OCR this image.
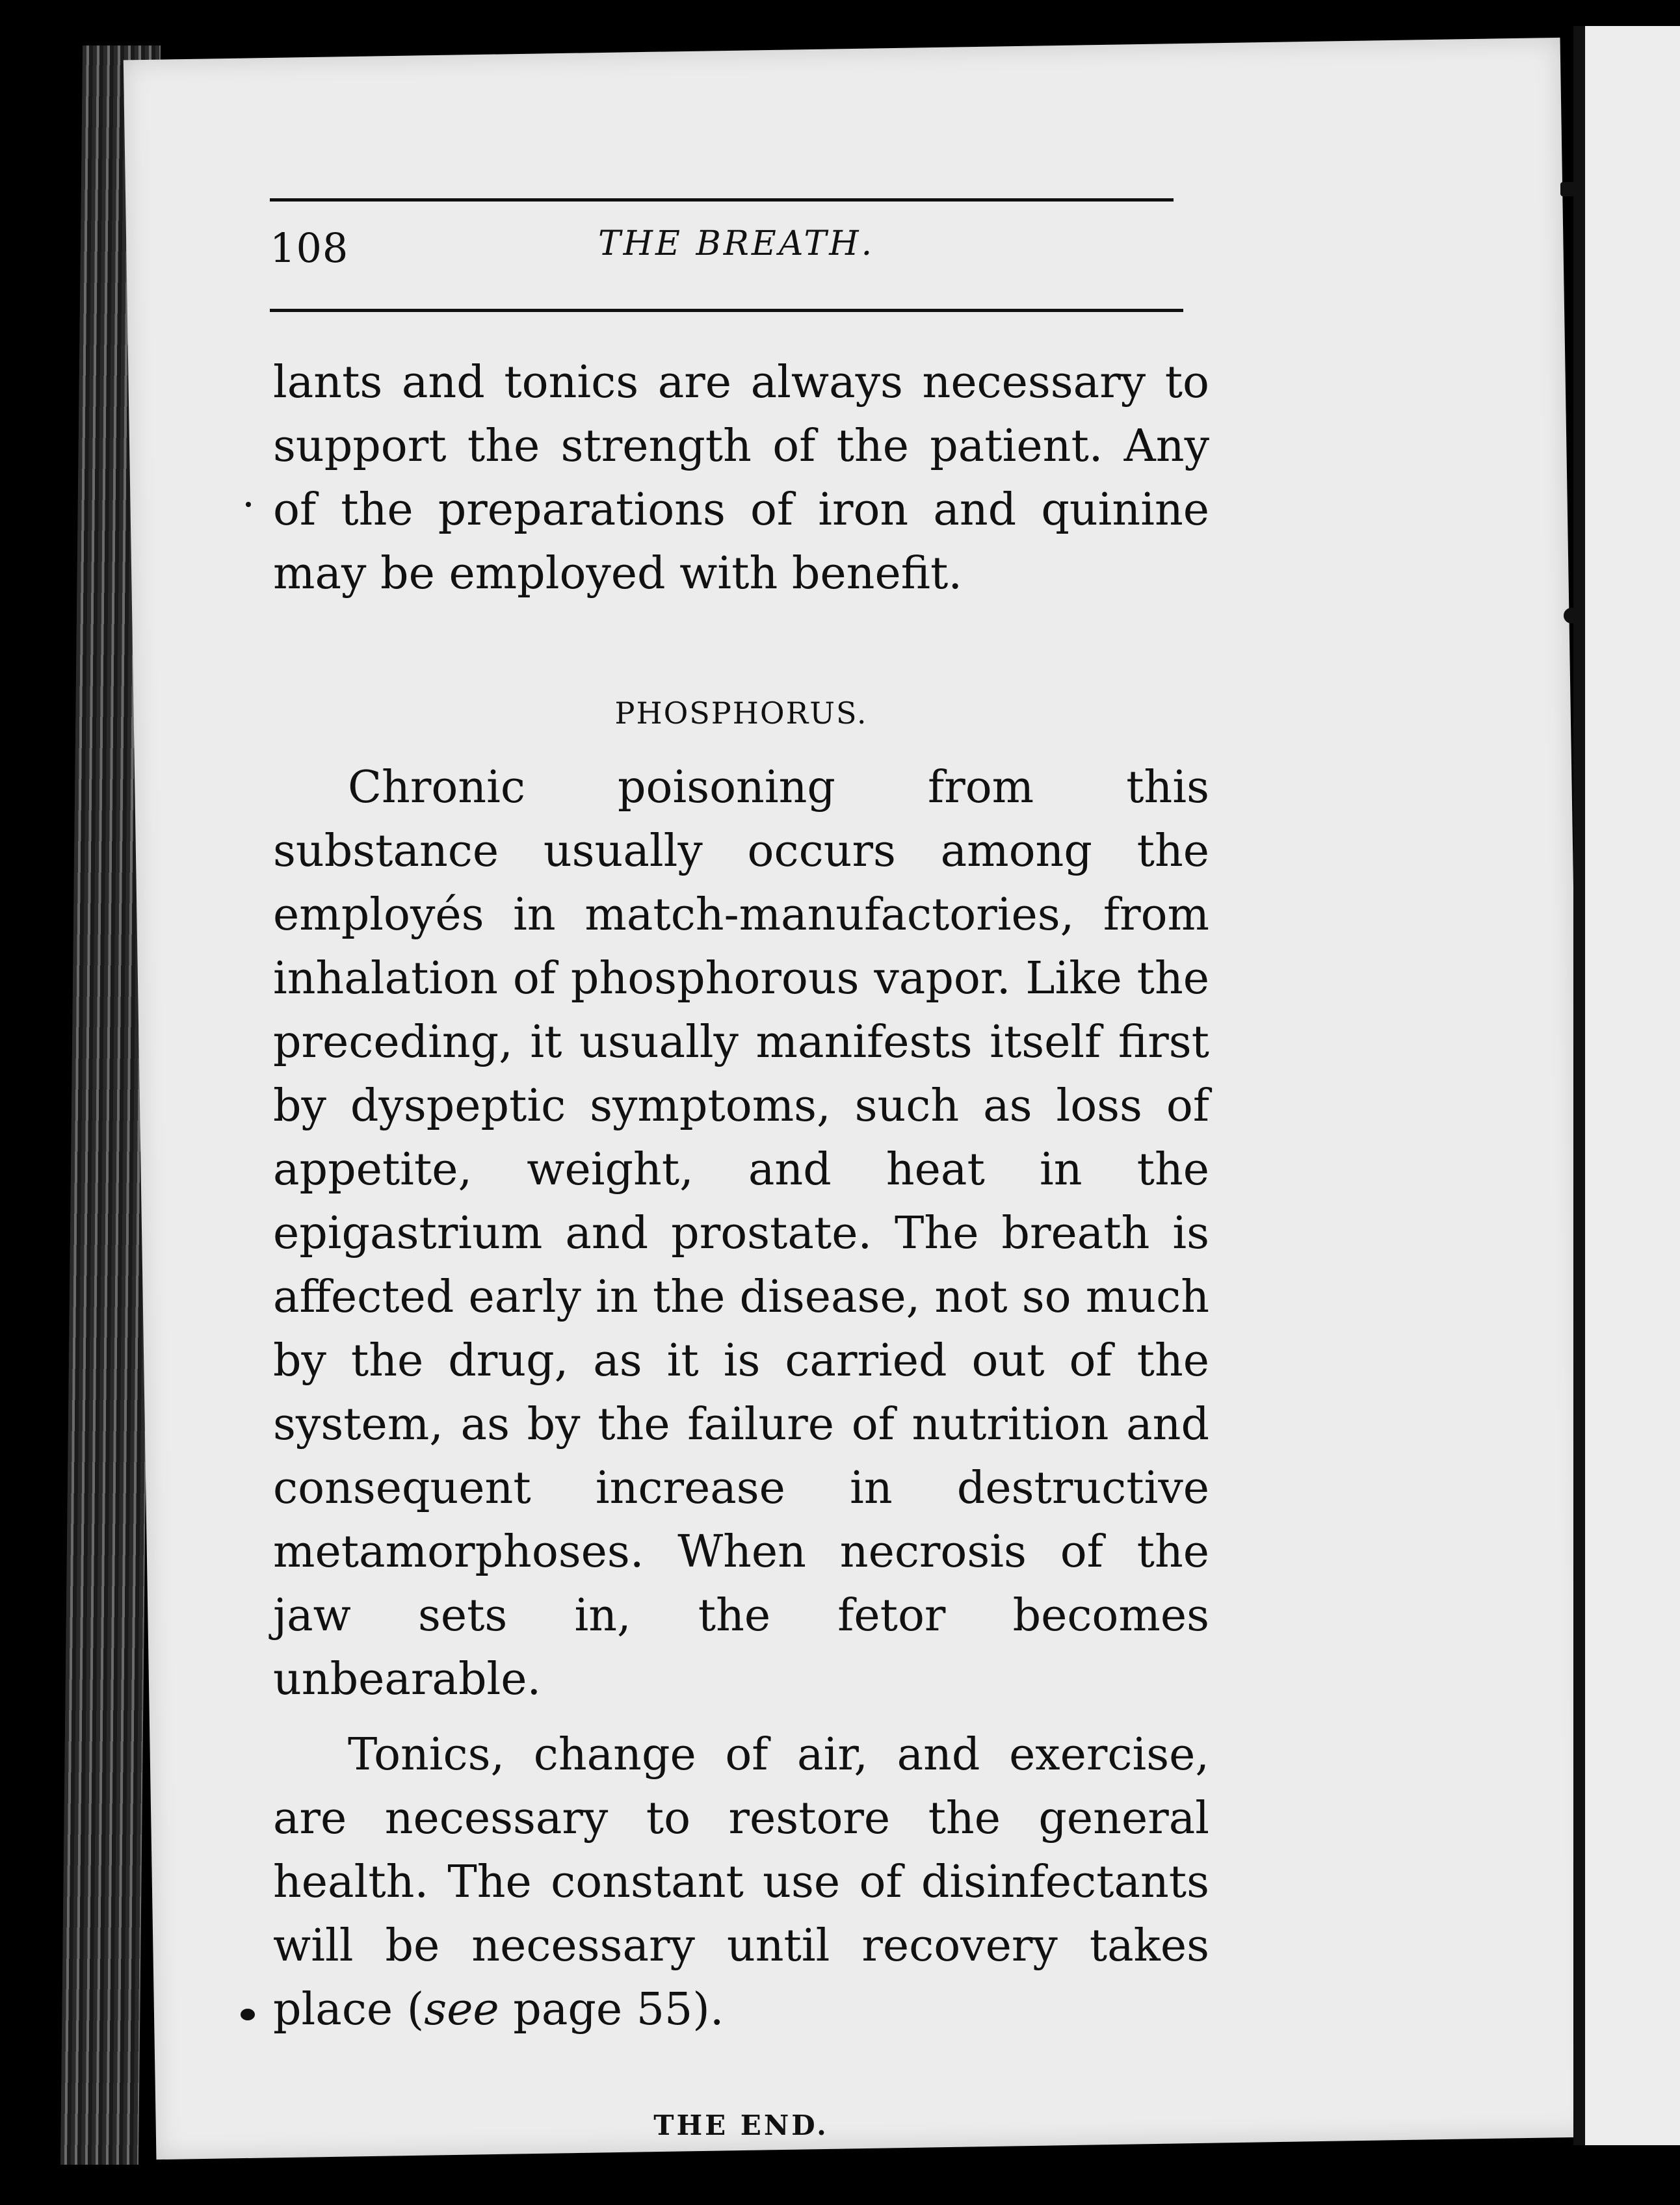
108	THE BREATH.

lants and tonics are always necessary to support the strength of the patient. Any of the preparations of iron and quinine may be employed with benefit.

PHOSPHORUS.

Chronic poisoning from this substance usually occurs among the employés in match-manufactories, from inhalation of phosphorous vapor. Like the preceding, it usually manifests itself first by dyspeptic symptoms, such as loss of appetite, weight, and heat in the epigastrium and prostate. The breath is affected early in the disease, not so much by the drug, as it is carried out of the system, as by the failure of nutrition and consequent increase in destructive metamorphoses. When necrosis of the jaw sets in, the fetor becomes unbearable.

Tonics, change of air, and exercise, are necessary to restore the general health. The constant use of disinfectants will be necessary until recovery takes place (see page 55).

THE END.
